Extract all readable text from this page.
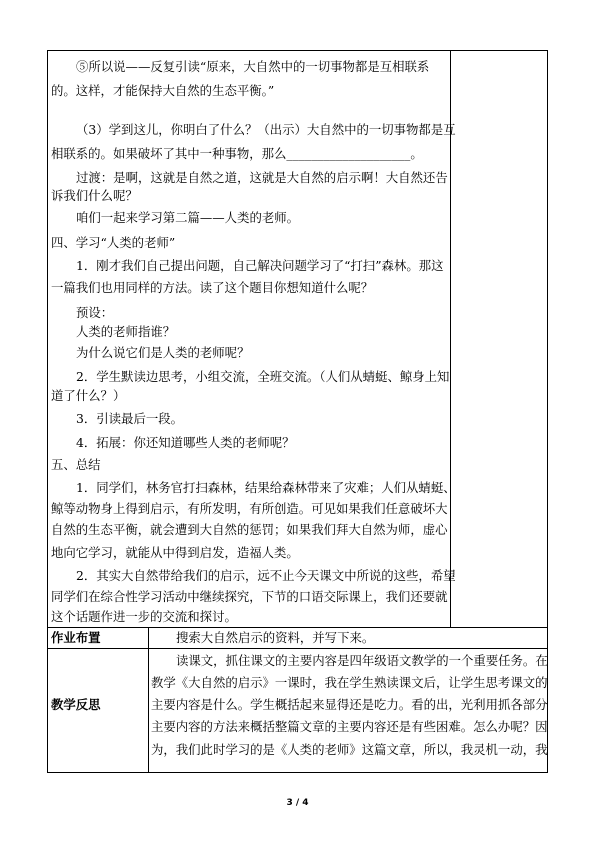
⑤所以说——反复引读“原来，大自然中的一切事物都是互相联系
的。这样，才能保持大自然的生态平衡。”
（3）学到这儿，你明白了什么？（出示）大自然中的一切事物都是互
相联系的。如果破坏了其中一种事物，那么____________________。
过渡：是啊，这就是自然之道，这就是大自然的启示啊！大自然还告
诉我们什么呢？
咱们一起来学习第二篇——人类的老师。
四、学习“人类的老师”
1．刚才我们自己提出问题，自己解决问题学习了“打扫”森林。那这
一篇我们也用同样的方法。读了这个题目你想知道什么呢？
预设：
人类的老师指谁？
为什么说它们是人类的老师呢？
2．学生默读边思考，小组交流，全班交流。（人们从蜻蜓、鲸身上知
道了什么？）
3．引读最后一段。
4．拓展：你还知道哪些人类的老师呢？
五、总结
1．同学们，林务官打扫森林，结果给森林带来了灾难；人们从蜻蜓、
鲸等动物身上得到启示，有所发明，有所创造。可见如果我们任意破坏大
自然的生态平衡，就会遭到大自然的惩罚；如果我们拜大自然为师，虚心
地向它学习，就能从中得到启发，造福人类。
2．其实大自然带给我们的启示，远不止今天课文中所说的这些，希望
同学们在综合性学习活动中继续探究，下节的口语交际课上，我们还要就
这个话题作进一步的交流和探讨。
作业布置	搜索大自然启示的资料，并写下来。
教学反思
读课文，抓住课文的主要内容是四年级语文教学的一个重要任务。在
教学《大自然的启示》一课时，我在学生熟读课文后，让学生思考课文的
主要内容是什么。学生概括起来显得还是吃力。看的出，光利用抓各部分
主要内容的方法来概括整篇文章的主要内容还是有些困难。怎么办呢？因
为，我们此时学习的是《人类的老师》这篇文章，所以，我灵机一动，我
3 / 4
